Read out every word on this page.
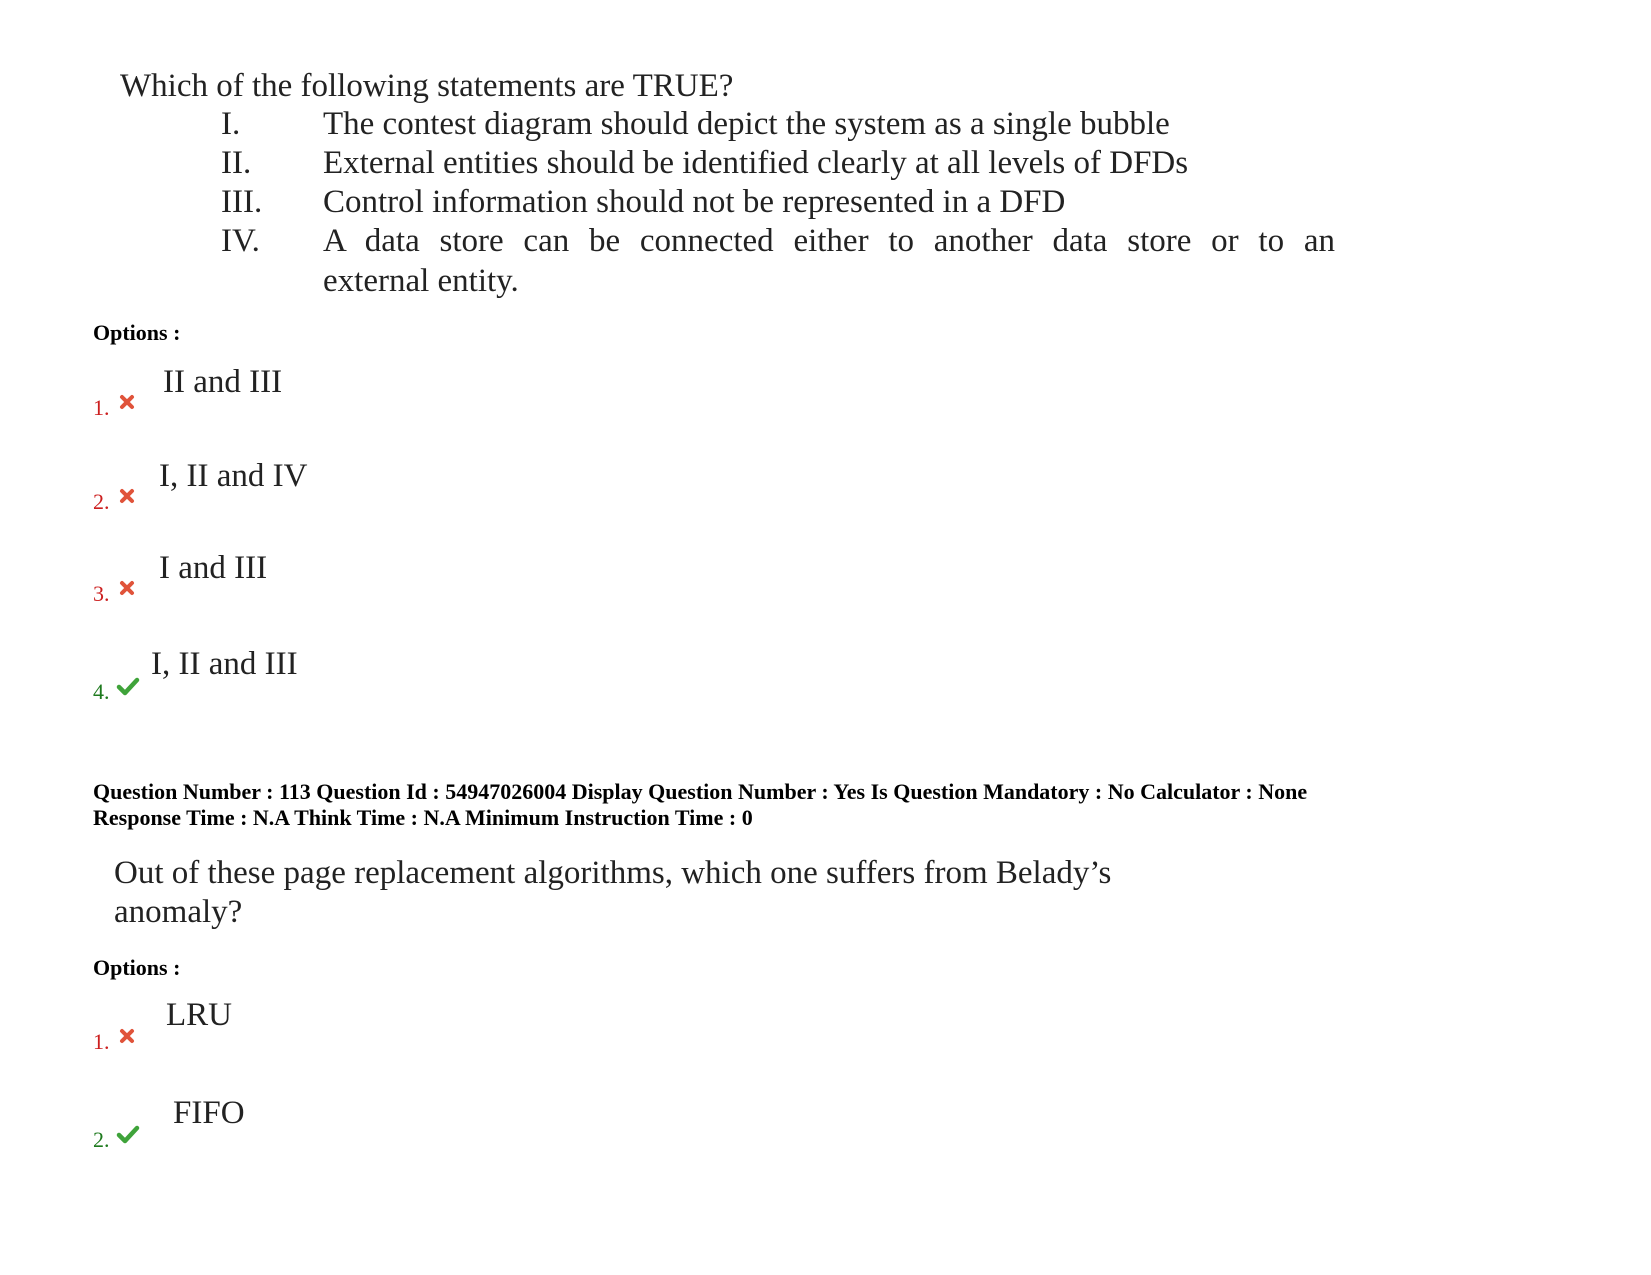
Which of the following statements are TRUE?
I.	The contest diagram should depict the system as a single bubble
II. External entities should be identified clearly at all levels of DFDs
III. Control information should not be represented in a DFD
IV. A data store can be connected either to another data store or to an
external entity.
Options :
1.
II and III
2.
I, II and IV
3.
I and III
4.
I, II and III
Question Number : 113 Question Id : 54947026004 Display Question Number : Yes Is Question Mandatory : No Calculator : None
Response Time : N.A Think Time : N.A Minimum Instruction Time : 0
Out of these page replacement algorithms, which one suffers from Belady’s
anomaly?
Options :
1.
LRU
2.
FIFO
